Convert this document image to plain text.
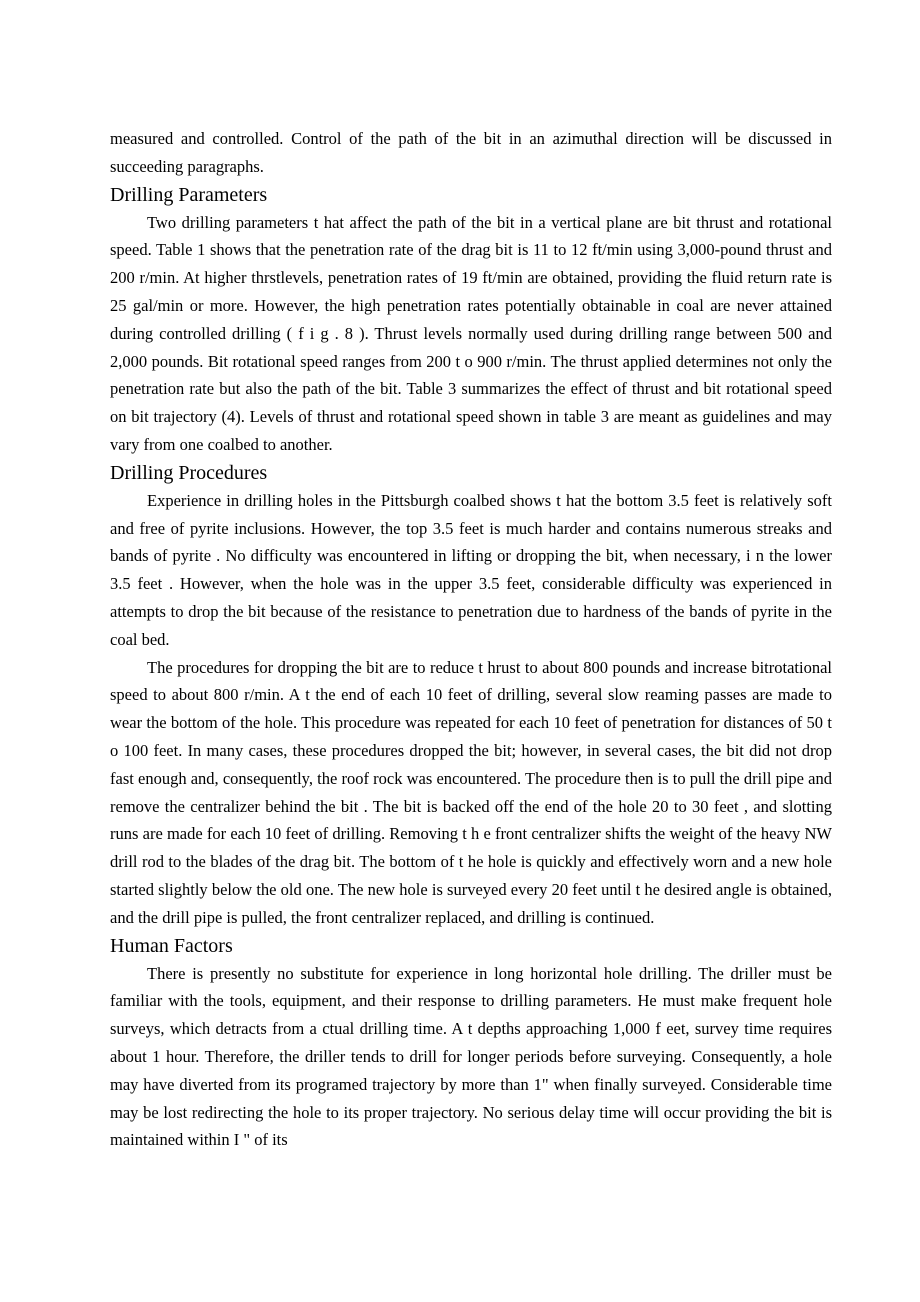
measured and controlled. Control of the path of the bit in an azimuthal direction will be discussed in succeeding paragraphs.

Drilling Parameters

Two drilling parameters t hat affect the path of the bit in a vertical plane are bit thrust and rotational speed. Table 1 shows that the penetration rate of the drag bit is 11 to 12 ft/min using 3,000-pound thrust and 200 r/min. At higher thrstlevels, penetration rates of 19 ft/min are obtained, providing the fluid return rate is 25 gal/min or more. However, the high penetration rates potentially obtainable in coal are never attained during controlled drilling ( f i g . 8 ). Thrust levels normally used during drilling range between 500 and 2,000 pounds. Bit rotational speed ranges from 200 t o 900 r/min. The thrust applied determines not only the penetration rate but also the path of the bit. Table 3 summarizes the effect of thrust and bit rotational speed on bit trajectory (4). Levels of thrust and rotational speed shown in table 3 are meant as guidelines and may vary from one coalbed to another.

Drilling Procedures

Experience in drilling holes in the Pittsburgh coalbed shows t hat the bottom 3.5 feet is relatively soft and free of pyrite inclusions. However, the top 3.5 feet is much harder and contains numerous streaks and bands of pyrite . No difficulty was encountered in lifting or dropping the bit, when necessary, i n the lower 3.5 feet . However, when the hole was in the upper 3.5 feet, considerable difficulty was experienced in attempts to drop the bit because of the resistance to penetration due to hardness of the bands of pyrite in the coal bed.

The procedures for dropping the bit are to reduce t hrust to about 800 pounds and increase bitrotational speed to about 800 r/min. A t the end of each 10 feet of drilling, several slow reaming passes are made to wear the bottom of the hole. This procedure was repeated for each 10 feet of penetration for distances of 50 t o 100 feet. In many cases, these procedures dropped the bit; however, in several cases, the bit did not drop fast enough and, consequently, the roof rock was encountered. The procedure then is to pull the drill pipe and remove the centralizer behind the bit . The bit is backed off the end of the hole 20 to 30 feet , and slotting runs are made for each 10 feet of drilling. Removing t h e front centralizer shifts the weight of the heavy NW drill rod to the blades of the drag bit. The bottom of t he hole is quickly and effectively worn and a new hole started slightly below the old one. The new hole is surveyed every 20 feet until t he desired angle is obtained, and the drill pipe is pulled, the front centralizer replaced, and drilling is continued.

Human Factors

There is presently no substitute for experience in long horizontal hole drilling. The driller must be familiar with the tools, equipment, and their response to drilling parameters. He must make frequent hole surveys, which detracts from a ctual drilling time. A t depths approaching 1,000 f eet, survey time requires about 1 hour. Therefore, the driller tends to drill for longer periods before surveying. Consequently, a hole may have diverted from its programed trajectory by more than 1" when finally surveyed. Considerable time may be lost redirecting the hole to its proper trajectory. No serious delay time will occur providing the bit is maintained within I " of its
